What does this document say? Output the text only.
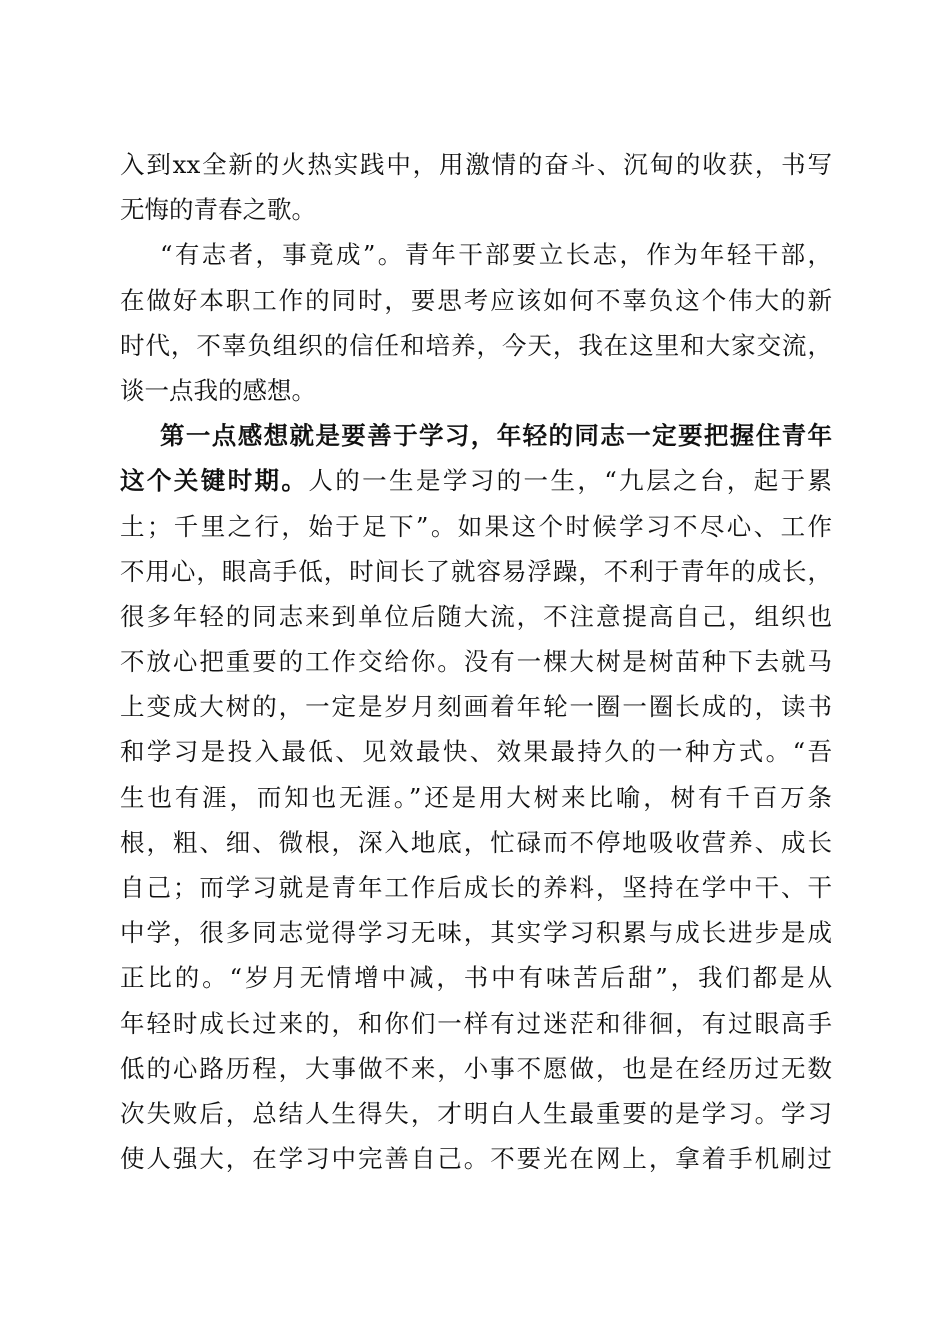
入到xx全新的火热实践中，用激情的奋斗、沉甸的收获，书写
无悔的青春之歌。
“有志者，事竟成”。青年干部要立长志，作为年轻干部，
在做好本职工作的同时，要思考应该如何不辜负这个伟大的新
时代，不辜负组织的信任和培养，今天，我在这里和大家交流，
谈一点我的感想。
第一点感想就是要善于学习，年轻的同志一定要把握住青年
这个关键时期。人的一生是学习的一生，“九层之台，起于累
土；千里之行，始于足下”。如果这个时候学习不尽心、工作
不用心，眼高手低，时间长了就容易浮躁，不利于青年的成长，
很多年轻的同志来到单位后随大流，不注意提高自己，组织也
不放心把重要的工作交给你。没有一棵大树是树苗种下去就马
上变成大树的，一定是岁月刻画着年轮一圈一圈长成的，读书
和学习是投入最低、见效最快、效果最持久的一种方式。“吾
生也有涯，而知也无涯。”还是用大树来比喻，树有千百万条
根，粗、细、微根，深入地底，忙碌而不停地吸收营养、成长
自己；而学习就是青年工作后成长的养料，坚持在学中干、干
中学，很多同志觉得学习无味，其实学习积累与成长进步是成
正比的。“岁月无情增中减，书中有味苦后甜”，我们都是从
年轻时成长过来的，和你们一样有过迷茫和徘徊，有过眼高手
低的心路历程，大事做不来，小事不愿做，也是在经历过无数
次失败后，总结人生得失，才明白人生最重要的是学习。学习
使人强大，在学习中完善自己。不要光在网上，拿着手机刷过
